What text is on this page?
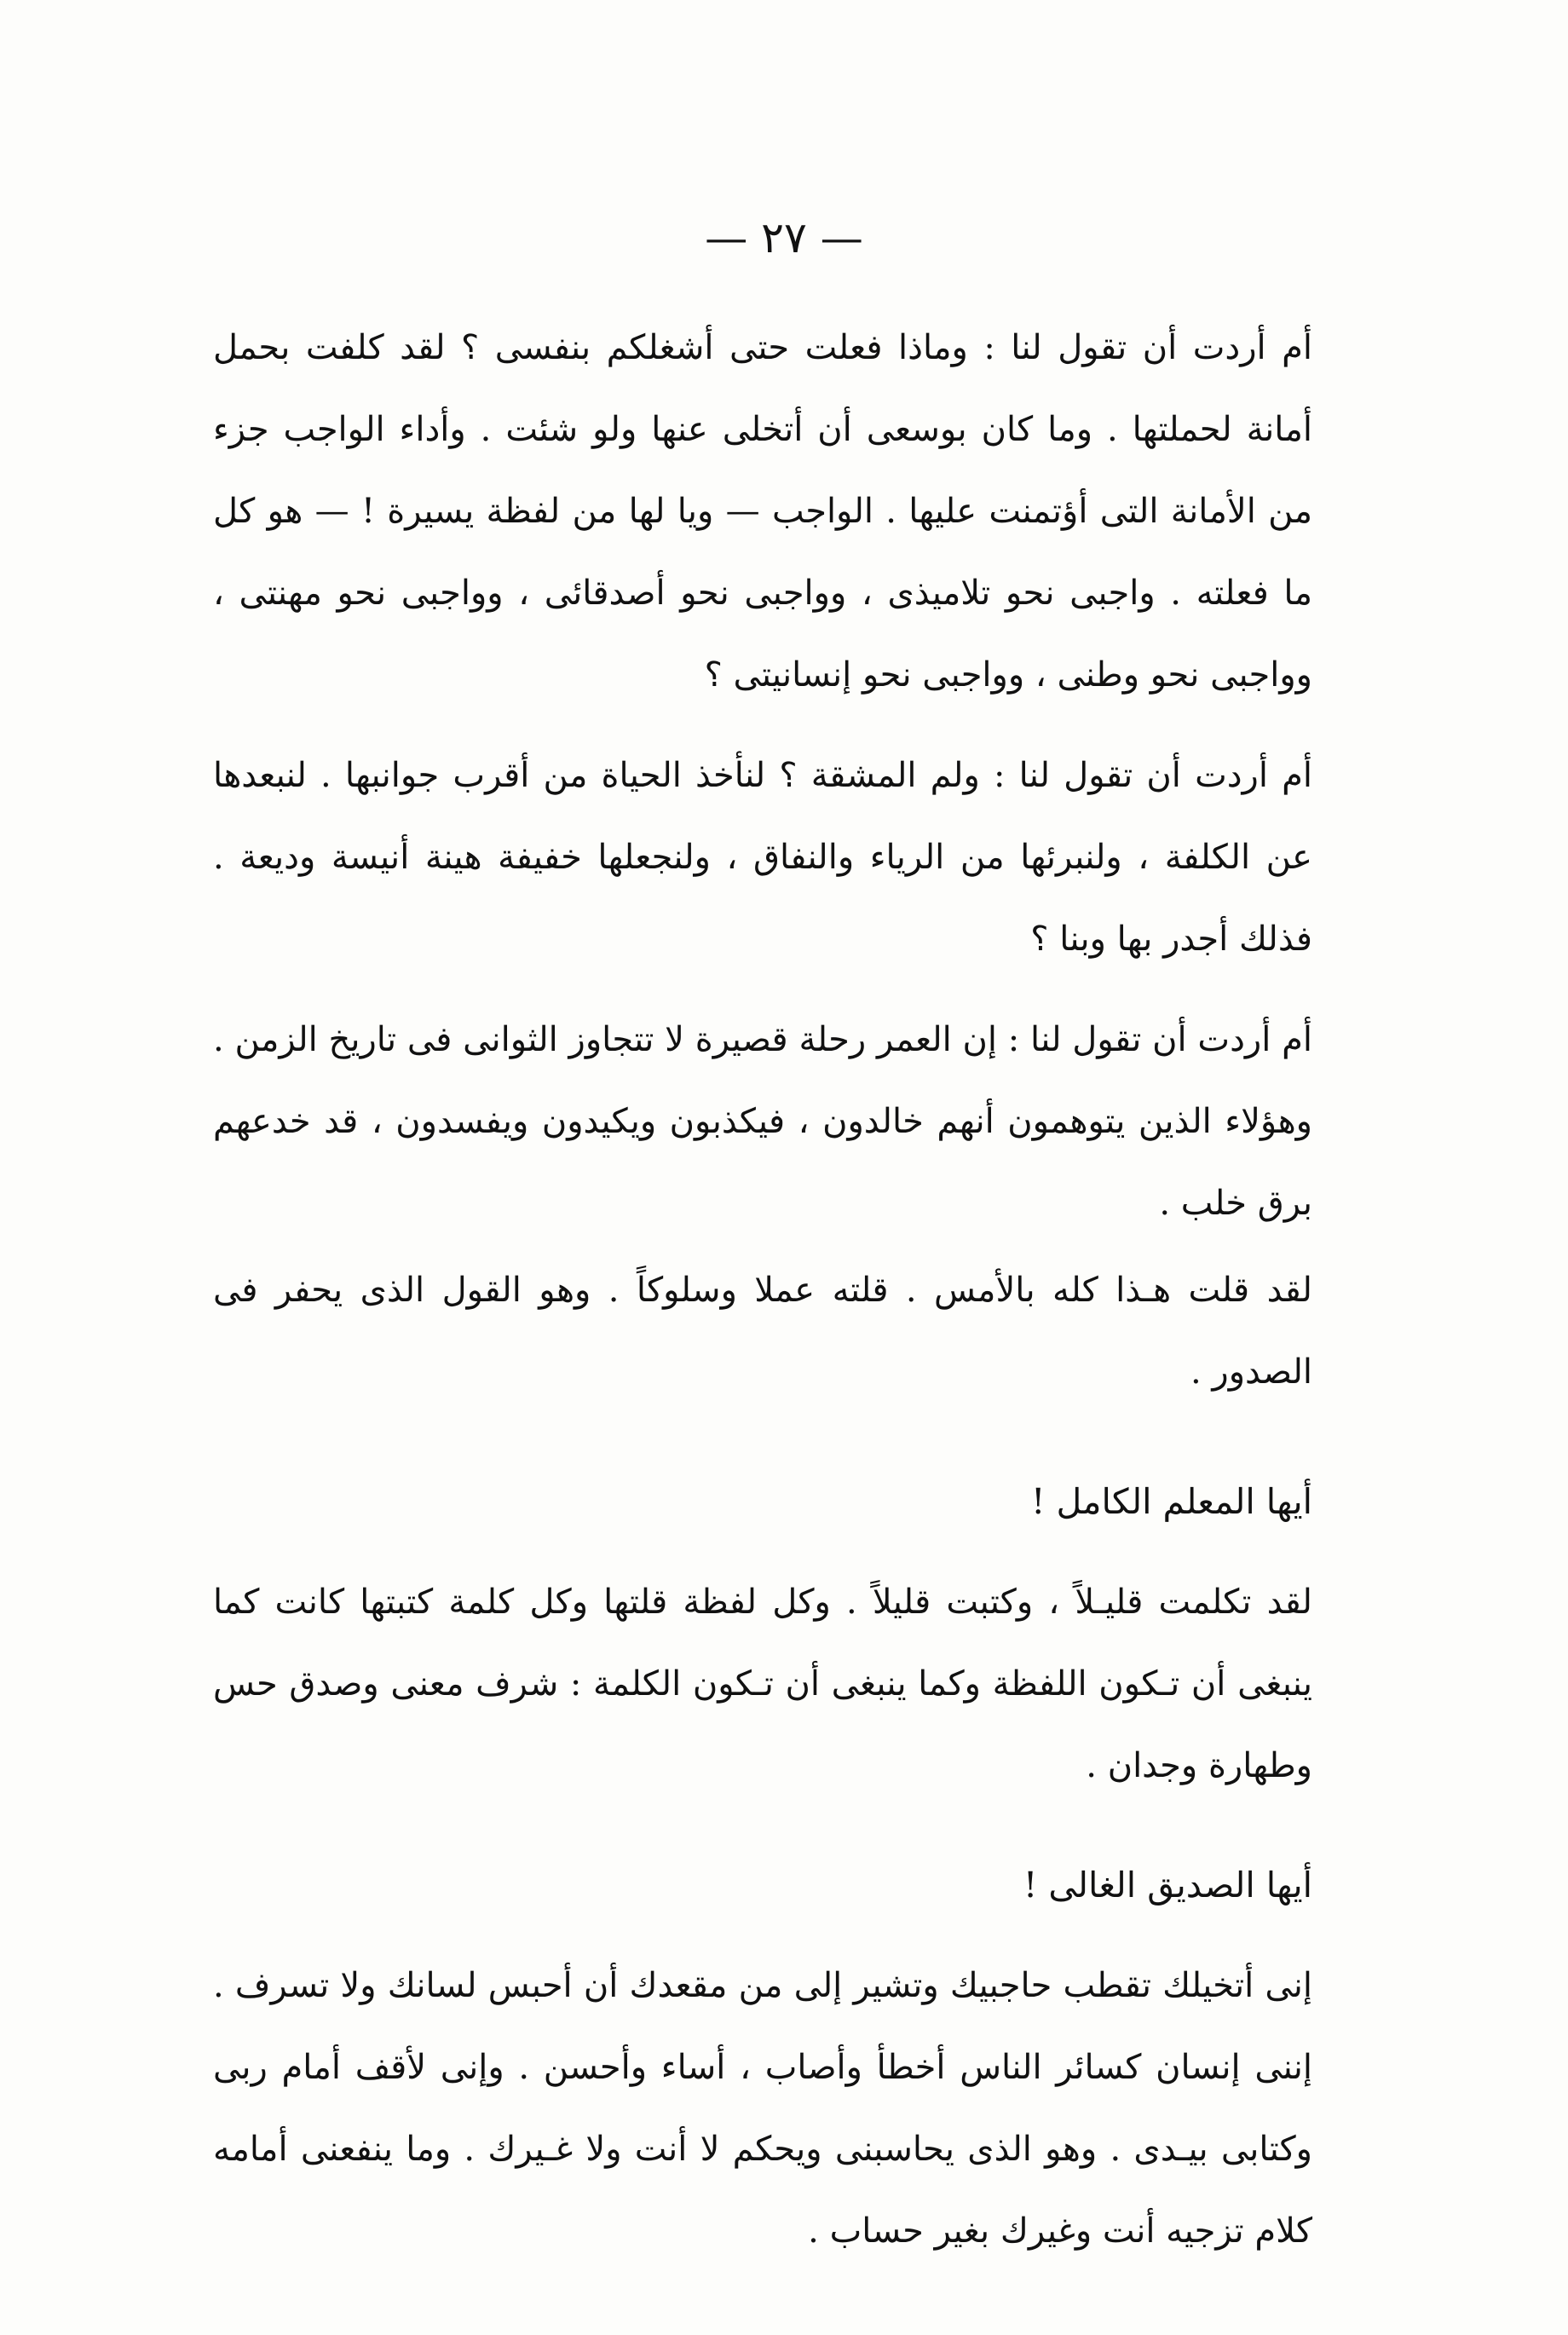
— ٢٧ —

أم أردت أن تقول لنا : وماذا فعلت حتى أشغلكم بنفسى ؟ لقد كلفت بحمل أمانة لحملتها . وما كان بوسعى أن أتخلى عنها ولو شئت . وأداء الواجب جزء من الأمانة التى أؤتمنت عليها . الواجب — ويا لها من لفظة يسيرة ! — هو كل ما فعلته . واجبى نحو تلاميذى ، وواجبى نحو أصدقائى ، وواجبى نحو مهنتى ، وواجبى نحو وطنى ، وواجبى نحو إنسانيتى ؟

أم أردت أن تقول لنا : ولم المشقة ؟ لنأخذ الحياة من أقرب جوانبها . لنبعدها عن الكلفة ، ولنبرئها من الرياء والنفاق ، ولنجعلها خفيفة هينة أنيسة وديعة . فذلك أجدر بها وبنا ؟

أم أردت أن تقول لنا : إن العمر رحلة قصيرة لا تتجاوز الثوانى فى تاريخ الزمن . وهؤلاء الذين يتوهمون أنهم خالدون ، فيكذبون ويكيدون ويفسدون ، قد خدعهم برق خلب .

لقد قلت هـذا كله بالأمس . قلته عملا وسلوكاً . وهو القول الذى يحفر فى الصدور .

أيها المعلم الكامل !

لقد تكلمت قليـلاً ، وكتبت قليلاً . وكل لفظة قلتها وكل كلمة كتبتها كانت كما ينبغى أن تـكون اللفظة وكما ينبغى أن تـكون الكلمة : شرف معنى وصدق حس وطهارة وجدان .

أيها الصديق الغالى !

إنى أتخيلك تقطب حاجبيك وتشير إلى من مقعدك أن أحبس لسانك ولا تسرف . إننى إنسان كسائر الناس أخطأ وأصاب ، أساء وأحسن . وإنى لأقف أمام ربى وكتابى بيـدى . وهو الذى يحاسبنى ويحكم لا أنت ولا غـيرك . وما ينفعنى أمامه كلام تزجيه أنت وغيرك بغير حساب .
